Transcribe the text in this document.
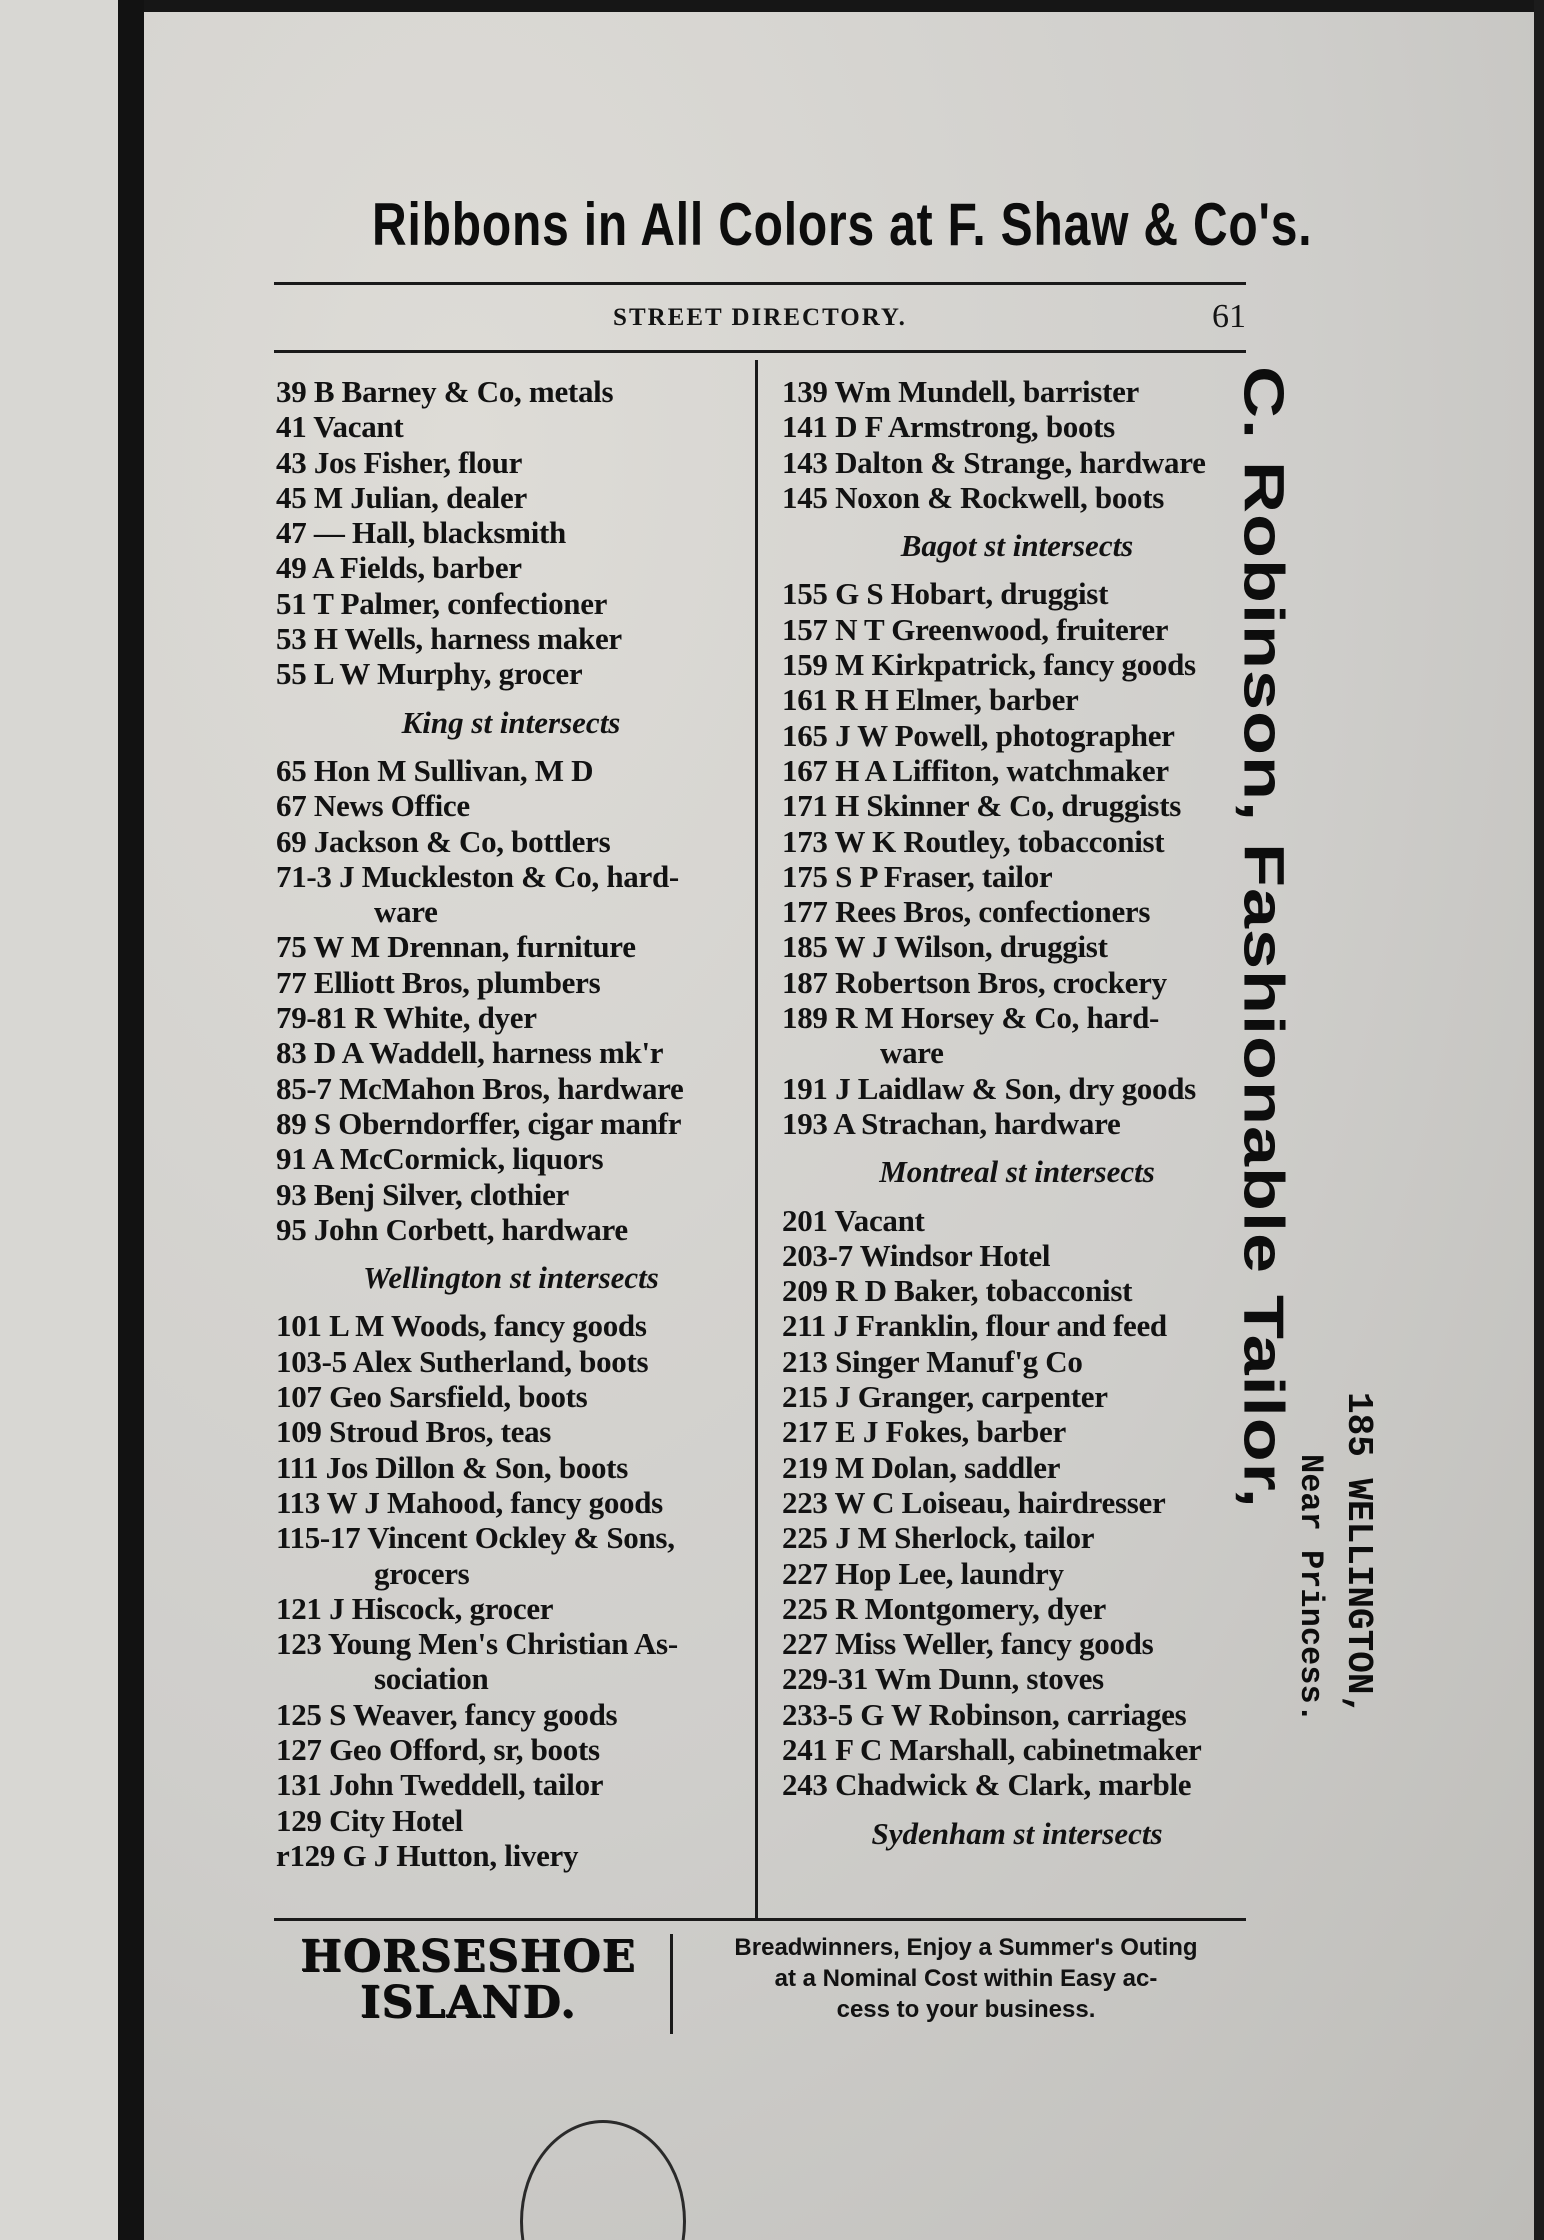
Ribbons in All Colors at F. Shaw & Co's.
STREET DIRECTORY.	61
39 B Barney & Co, metals
41 Vacant
43 Jos Fisher, flour
45 M Julian, dealer
47 — Hall, blacksmith
49 A Fields, barber
51 T Palmer, confectioner
53 H Wells, harness maker
55 L W Murphy, grocer
King st intersects
65 Hon M Sullivan, M D
67 News Office
69 Jackson & Co, bottlers
71-3 J Muckleston & Co, hard-
ware
75 W M Drennan, furniture
77 Elliott Bros, plumbers
79-81 R White, dyer
83 D A Waddell, harness mk'r
85-7 McMahon Bros, hardware
89 S Oberndorffer, cigar manfr
91 A McCormick, liquors
93 Benj Silver, clothier
95 John Corbett, hardware
Wellington st intersects
101 L M Woods, fancy goods
103-5 Alex Sutherland, boots
107 Geo Sarsfield, boots
109 Stroud Bros, teas
111 Jos Dillon & Son, boots
113 W J Mahood, fancy goods
115-17 Vincent Ockley & Sons,
grocers
121 J Hiscock, grocer
123 Young Men's Christian As-
sociation
125 S Weaver, fancy goods
127 Geo Offord, sr, boots
131 John Tweddell, tailor
129 City Hotel
r129 G J Hutton, livery
139 Wm Mundell, barrister
141 D F Armstrong, boots
143 Dalton & Strange, hardware
145 Noxon & Rockwell, boots
Bagot st intersects
155 G S Hobart, druggist
157 N T Greenwood, fruiterer
159 M Kirkpatrick, fancy goods
161 R H Elmer, barber
165 J W Powell, photographer
167 H A Liffiton, watchmaker
171 H Skinner & Co, druggists
173 W K Routley, tobacconist
175 S P Fraser, tailor
177 Rees Bros, confectioners
185 W J Wilson, druggist
187 Robertson Bros, crockery
189 R M Horsey & Co, hard-
ware
191 J Laidlaw & Son, dry goods
193 A Strachan, hardware
Montreal st intersects
201 Vacant
203-7 Windsor Hotel
209 R D Baker, tobacconist
211 J Franklin, flour and feed
213 Singer Manuf'g Co
215 J Granger, carpenter
217 E J Fokes, barber
219 M Dolan, saddler
223 W C Loiseau, hairdresser
225 J M Sherlock, tailor
227 Hop Lee, laundry
225 R Montgomery, dyer
227 Miss Weller, fancy goods
229-31 Wm Dunn, stoves
233-5 G W Robinson, carriages
241 F C Marshall, cabinetmaker
243 Chadwick & Clark, marble
Sydenham st intersects
C. Robinson, Fashionable Tailor,
185 WELLINGTON,
Near Princess.
HORSESHOE
ISLAND.
Breadwinners, Enjoy a Summer's Outing
at a Nominal Cost within Easy ac-
cess to your business.
